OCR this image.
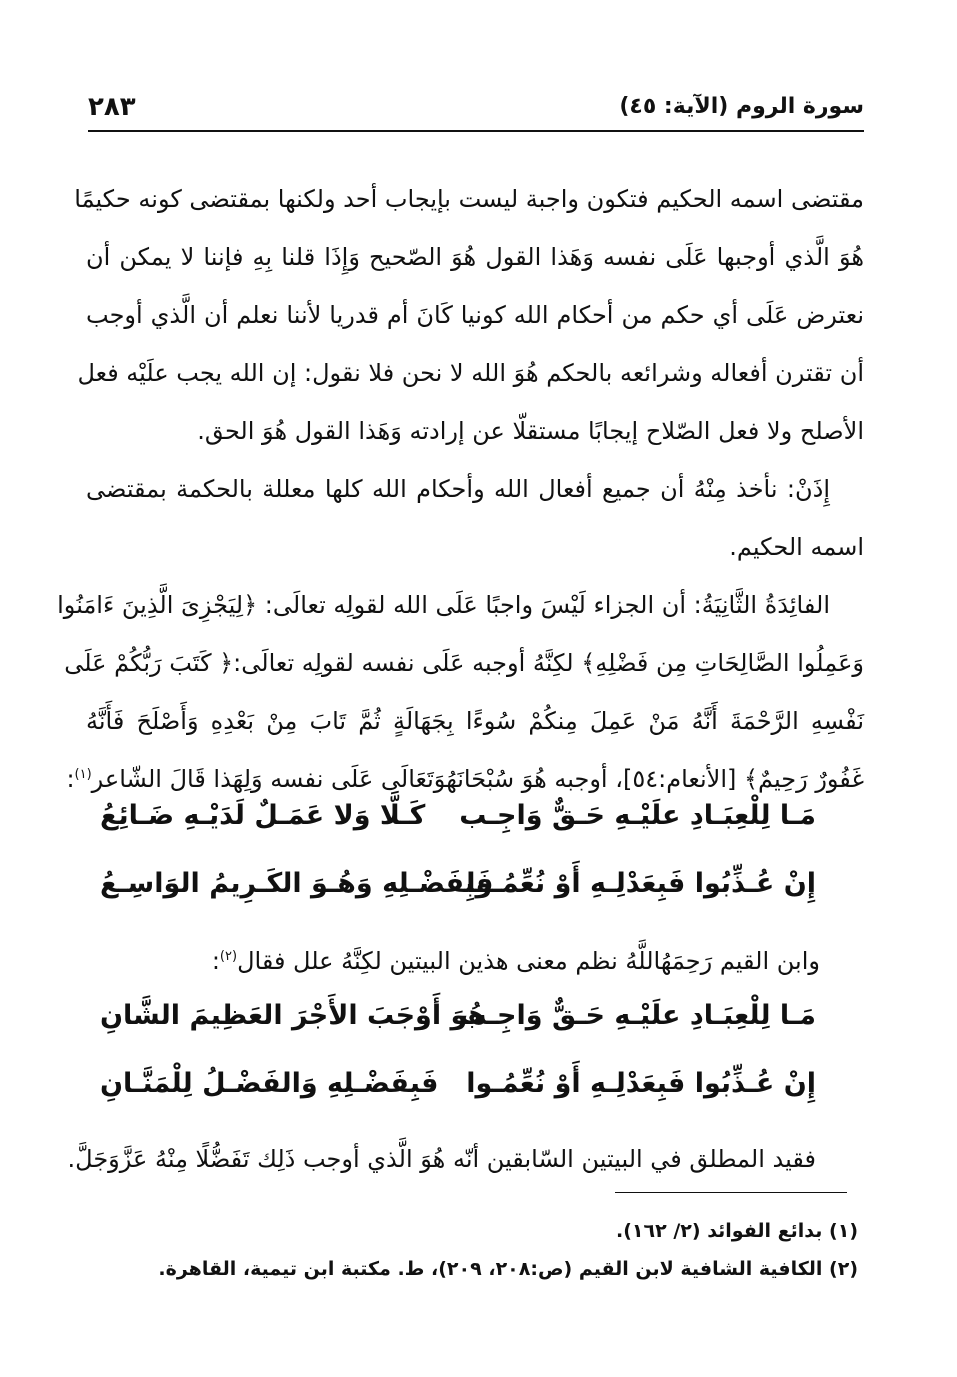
سورة الروم (الآية: ٤٥)
٢٨٣
مقتضى اسمه الحكيم فتكون واجبة ليست بإيجاب أحد ولكنها بمقتضى كونه حكيمًا
هُوَ الَّذي أوجبها عَلَى نفسه وَهَذا القول هُوَ الصّحيح وَإِذَا قلنا بِهِ فإننا لا يمكن أن
نعترض عَلَى أي حكم من أحكام الله كونيا كَانَ أم قدريا لأننا نعلم أن الَّذي أوجب
أن تقترن أفعاله وشرائعه بالحكم هُوَ الله لا نحن فلا نقول: إن الله يجب علَيْه فعل
الأصلح ولا فعل الصّلاح إيجابًا مستقلّا عن إرادته وَهَذا القول هُوَ الحق.
إِذَنْ: نأخذ مِنْهُ أن جميع أفعال الله وأحكام الله كلها معللة بالحكمة بمقتضى
اسمه الحكيم.
الفائِدَةُ الثَّانِيَةُ: أن الجزاء لَيْسَ واجبًا عَلَى الله لقولِه تعالَى: ﴿لِيَجْزِىَ الَّذِينَ ءَامَنُوا
وَعَمِلُوا الصَّالِحَاتِ مِن فَضْلِهِ﴾ لكِنَّهُ أوجبه عَلَى نفسه لقولِه تعالَى:﴿ كَتَبَ رَبُّكُمْ عَلَى
نَفْسِهِ الرَّحْمَةَ أَنَّهُ مَنْ عَمِلَ مِنكُمْ سُوءًا بِجَهَالَةٍ ثُمَّ تَابَ مِنْ بَعْدِهِ وَأَصْلَحَ فَأَنَّهُ
غَفُورٌ رَحِيمٌ﴾ [الأنعام:٥٤]، أوجبه هُوَ سُبْحَانَهُوَتَعَالَى عَلَى نفسه وَلِهَذا قَالَ الشّاعر$^{(١)}$:
مَـا لِلْعِبَـادِ علَيْـهِ حَـقٌّ وَاجِـب
كَـلَّا وَلا عَمَـلٌ لَدَيْـهِ ضَـائِعُ
إِنْ عُـذِّبُوا فَبِعَدْلِـهِ أَوْ نُعِّمُـوا
فَبِفَضْـلِهِ وَهُـوَ الكَـرِيمُ الوَاسِـعُ
وابن القيم رَحِمَهُاللَّهُ نظم معنى هذين البيتين لكِنَّهُ علل فقال$^{(٢)}$:
مَـا لِلْعِبَـادِ علَيْـهِ حَـقٌّ وَاجِـب
هُوَ أَوْجَبَ الأَجْرَ العَظِيمَ الشَّانِ
إِنْ عُـذِّبُوا فَبِعَدْلِـهِ أَوْ نُعِّمُـوا
فَبِفَضْـلِهِ وَالفَضْـلُ لِلْمَنَّـانِ
فقيد المطلق في البيتين السّابقين أنّه هُوَ الَّذي أوجب ذَلِك تَفَضُّلًا مِنْهُ عَزَّوَجَلَّ.

(١) بدائع الفوائد (٢/ ١٦٢).

(٢) الكافية الشافية لابن القيم (ص:٢٠٨، ٢٠٩)، ط. مكتبة ابن تيمية، القاهرة.
